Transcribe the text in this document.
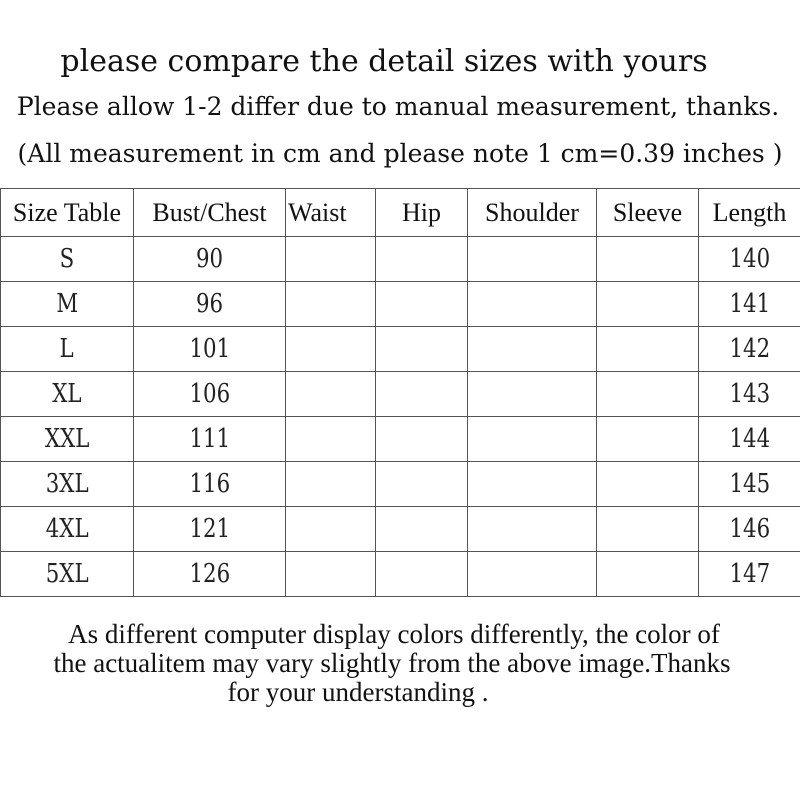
please compare the detail sizes with yours

Please allow 1-2 differ due to manual measurement, thanks.

(All measurement in cm and please note 1 cm=0.39 inches )

Size Table	Bust/Chest	Waist	Hip	Shoulder	Sleeve	Length
S	90					140
M	96					141
L	101					142
XL	106					143
XXL	111					144
3XL	116					145
4XL	121					146
5XL	126					147

As different computer display colors differently, the color of

the actualitem may vary slightly from the above image.Thanks

for your understanding .
